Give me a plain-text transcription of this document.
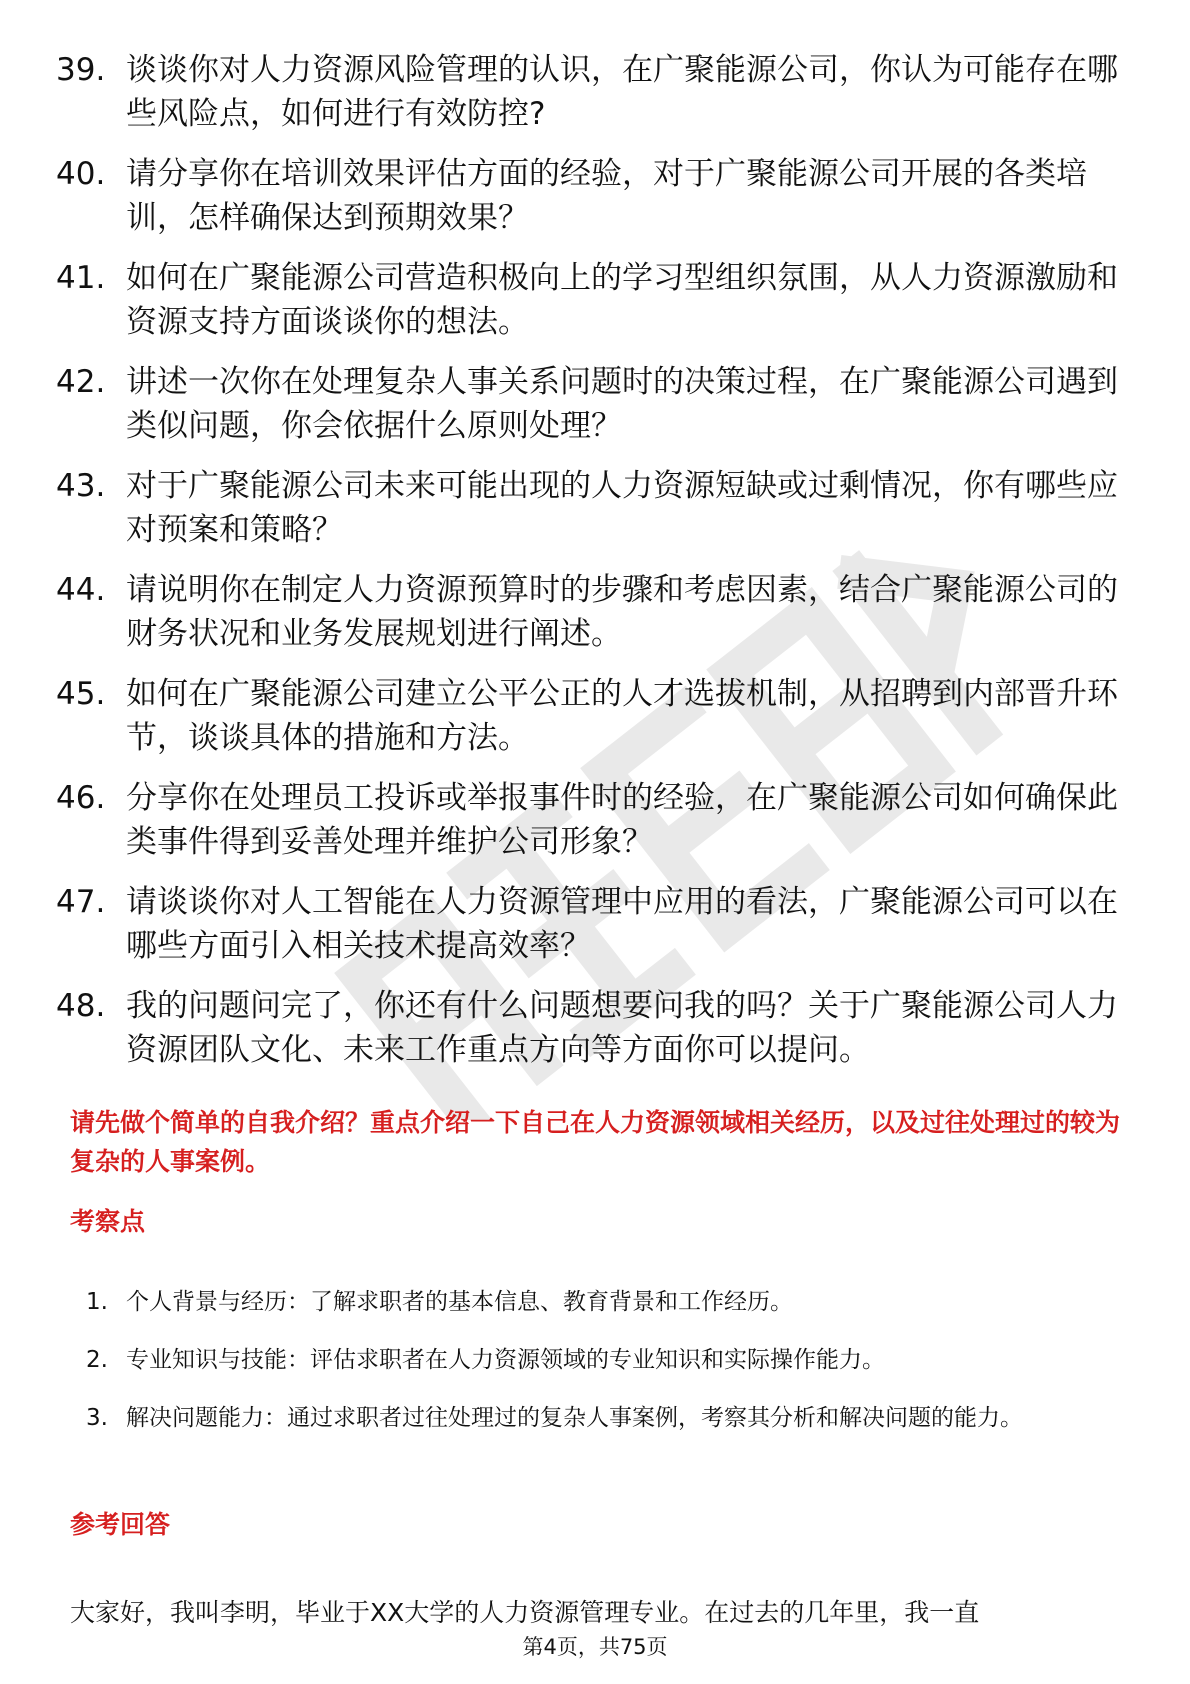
39. 谈谈你对人力资源风险管理的认识，在广聚能源公司，你认为可能存在哪些风险点，如何进行有效防控?
40. 请分享你在培训效果评估方面的经验，对于广聚能源公司开展的各类培训，怎样确保达到预期效果？
41. 如何在广聚能源公司营造积极向上的学习型组织氛围，从人力资源激励和资源支持方面谈谈你的想法。
42. 讲述一次你在处理复杂人事关系问题时的决策过程，在广聚能源公司遇到类似问题，你会依据什么原则处理？
43. 对于广聚能源公司未来可能出现的人力资源短缺或过剩情况，你有哪些应对预案和策略？
44. 请说明你在制定人力资源预算时的步骤和考虑因素，结合广聚能源公司的财务状况和业务发展规划进行阐述。
45. 如何在广聚能源公司建立公平公正的人才选拔机制，从招聘到内部晋升环节，谈谈具体的措施和方法。
46. 分享你在处理员工投诉或举报事件时的经验，在广聚能源公司如何确保此类事件得到妥善处理并维护公司形象？
47. 请谈谈你对人工智能在人力资源管理中应用的看法，广聚能源公司可以在哪些方面引入相关技术提高效率？
48. 我的问题问完了，你还有什么问题想要问我的吗？关于广聚能源公司人力资源团队文化、未来工作重点方向等方面你可以提问。
请先做个简单的自我介绍？重点介绍一下自己在人力资源领域相关经历，以及过往处理过的较为复杂的人事案例。
考察点
1. 个人背景与经历：了解求职者的基本信息、教育背景和工作经历。
2. 专业知识与技能：评估求职者在人力资源领域的专业知识和实际操作能力。
3. 解决问题能力：通过求职者过往处理过的复杂人事案例，考察其分析和解决问题的能力。
参考回答
大家好，我叫李明，毕业于XX大学的人力资源管理专业。在过去的几年里，我一直
第4页，共75页
